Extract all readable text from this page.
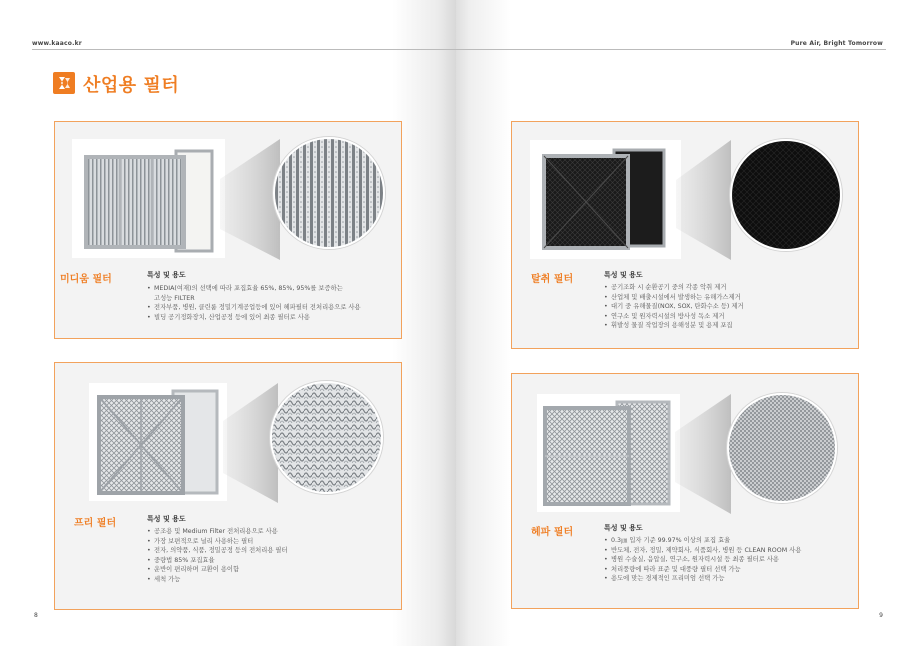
www.kaaco.kr
산업용 필터
미디움 필터	특성 및 용도
• MEDIA(여재)의 선택에 따라 포집효율 65%, 85%, 95%를 보증하는
고성능 FILTER
• 전자부품, 병원, 클린룸 정밀기계공업등에 있어 헤파필터 전처리용으로 사용
• 빌딩 공기정화장치, 산업공정 등에 있어 최종 필터로 사용
프리 필터	특성 및 용도
• 공조용 및 Medium Filter 전처리용으로 사용
• 가장 보편적으로 널리 사용하는 필터
• 전자, 의약품, 식품, 정밀공정 등의 전처리용 필터
• 중량법 85% 포집효율
• 운반이 편리하며 교환이 용이함
• 세척 가능
8
Pure Air, Bright Tomorrow
탈취 필터	특성 및 용도
• 공기조화 시 순환공기 중의 각종 악취 제거
• 산업체 및 배출시설에서 발생하는 유해가스제거
• 대기 중 유해물질(NOX, SOX, 탄화수소 등) 제거
• 연구소 및 원자력시설의 방사성 독소 제거
• 휘발성 물질 작업장의 용해성분 및 용제 포집
헤파 필터	특성 및 용도
• 0.3㎛ 입자 기준 99.97% 이상의 포집 효율
• 반도체, 전자, 정밀, 제약회사, 식품회사, 병원 등 CLEAN ROOM 사용
• 병원 수술실, 음압실, 연구소, 원자력시설 등 최종 필터로 사용
• 처리풍량에 따라 표준 및 대풍량 필터 선택 가능
• 용도에 맞는 경제적인 프리미엄 선택 가능
9
